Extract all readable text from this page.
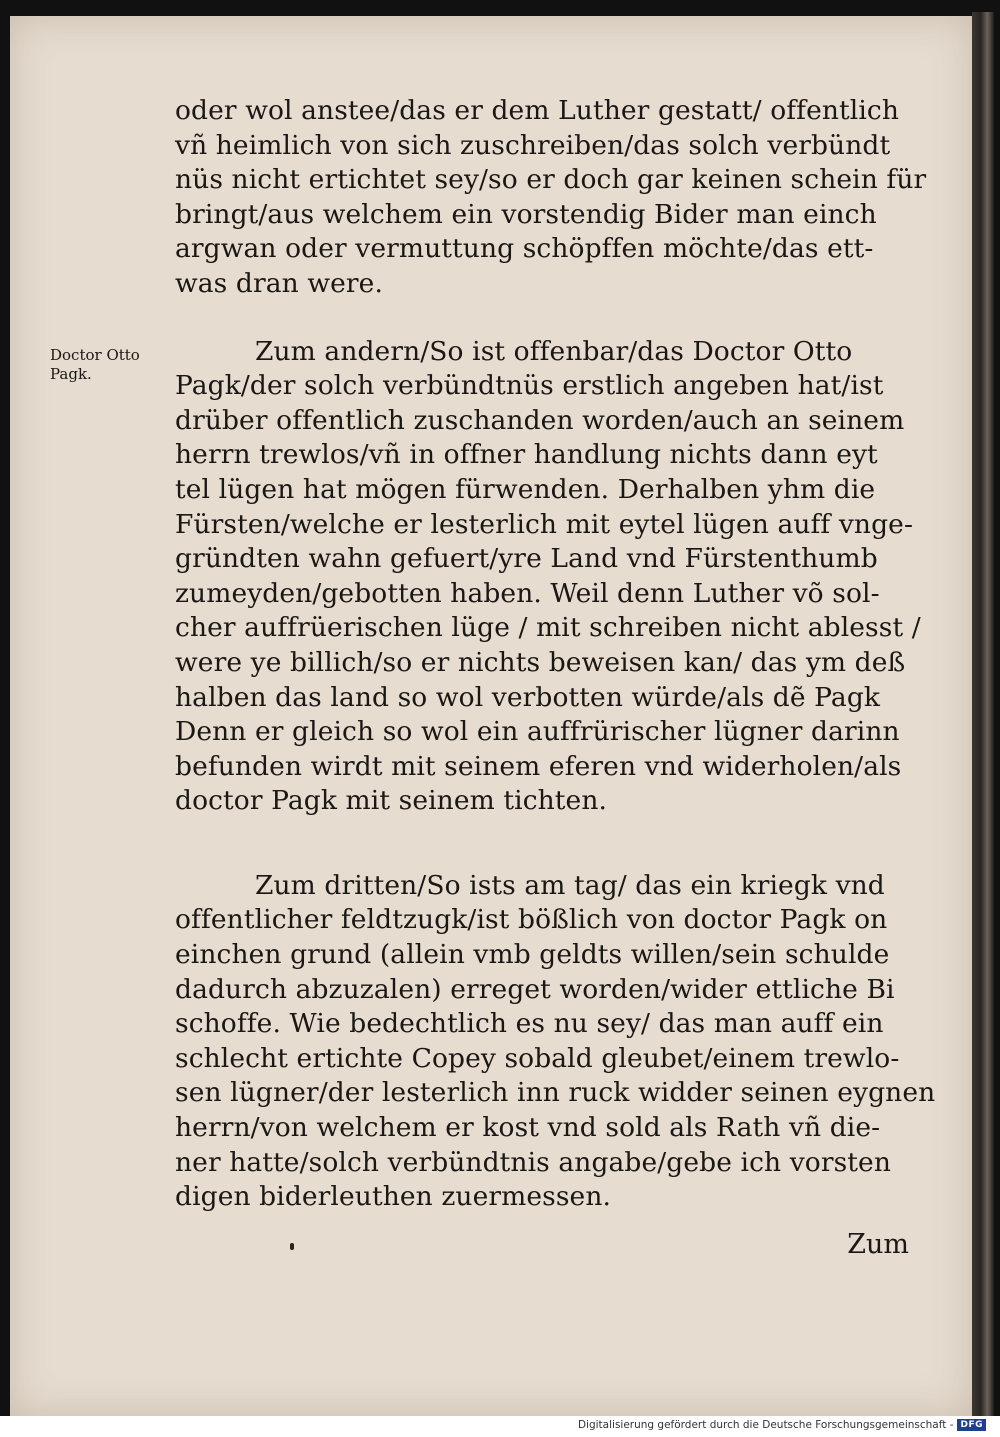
Doctor Otto
Pagk.
oder wol anstee/das er dem Luther gestatt/ offentlich
vñ heimlich von sich zuschreiben/das solch verbündt
nüs nicht ertichtet sey/so er doch gar keinen schein für
bringt/aus welchem ein vorstendig Bider man einch
argwan oder vermuttung schöpffen möchte/das ett-
was dran were.
Zum andern/So ist offenbar/das Doctor Otto
Pagk/der solch verbündtnüs erstlich angeben hat/ist
drüber offentlich zuschanden worden/auch an seinem
herrn trewlos/vñ in offner handlung nichts dann eyt
tel lügen hat mögen fürwenden. Derhalben yhm die
Fürsten/welche er lesterlich mit eytel lügen auff vnge-
gründten wahn gefuert/yre Land vnd Fürstenthumb
zumeyden/gebotten haben. Weil denn Luther võ sol-
cher auffrüerischen lüge / mit schreiben nicht ablesst /
were ye billich/so er nichts beweisen kan/ das ym deß
halben das land so wol verbotten würde/als dẽ Pagk
Denn er gleich so wol ein auffrürischer lügner darinn
befunden wirdt mit seinem eferen vnd widerholen/als
doctor Pagk mit seinem tichten.
Zum dritten/So ists am tag/ das ein kriegk vnd
offentlicher feldtzugk/ist bößlich von doctor Pagk on
einchen grund (allein vmb geldts willen/sein schulde
dadurch abzuzalen) erreget worden/wider ettliche Bi
schoffe. Wie bedechtlich es nu sey/ das man auff ein
schlecht ertichte Copey sobald gleubet/einem trewlo-
sen lügner/der lesterlich inn ruck widder seinen eygnen
herrn/von welchem er kost vnd sold als Rath vñ die-
ner hatte/solch verbündtnis angabe/gebe ich vorsten
digen biderleuthen zuermessen.
Zum
Digitalisierung gefördert durch die Deutsche Forschungsgemeinschaft - DFG
